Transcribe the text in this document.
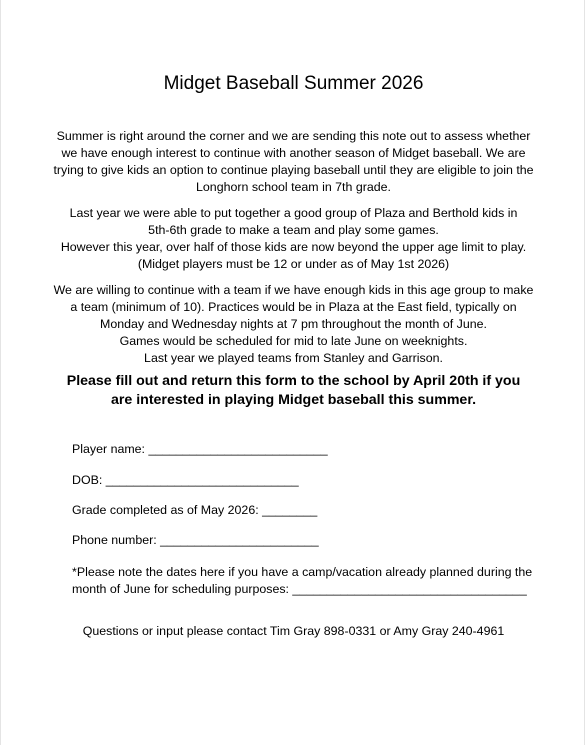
Midget Baseball Summer 2026
Summer is right around the corner and we are sending this note out to assess whether
we have enough interest to continue with another season of Midget baseball. We are
trying to give kids an option to continue playing baseball until they are eligible to join the
Longhorn school team in 7th grade.
Last year we were able to put together a good group of Plaza and Berthold kids in
5th-6th grade to make a team and play some games.
However this year, over half of those kids are now beyond the upper age limit to play.
(Midget players must be 12 or under as of May 1st 2026)
We are willing to continue with a team if we have enough kids in this age group to make
a team (minimum of 10). Practices would be in Plaza at the East field, typically on
Monday and Wednesday nights at 7 pm throughout the month of June.
Games would be scheduled for mid to late June on weeknights.
Last year we played teams from Stanley and Garrison.
Please fill out and return this form to the school by April 20th if you
are interested in playing Midget baseball this summer.
Player name: __________________________
DOB: ____________________________
Grade completed as of May 2026: ________
Phone number: _______________________
*Please note the dates here if you have a camp/vacation already planned during the
month of June for scheduling purposes: __________________________________
Questions or input please contact Tim Gray 898-0331 or Amy Gray 240-4961
